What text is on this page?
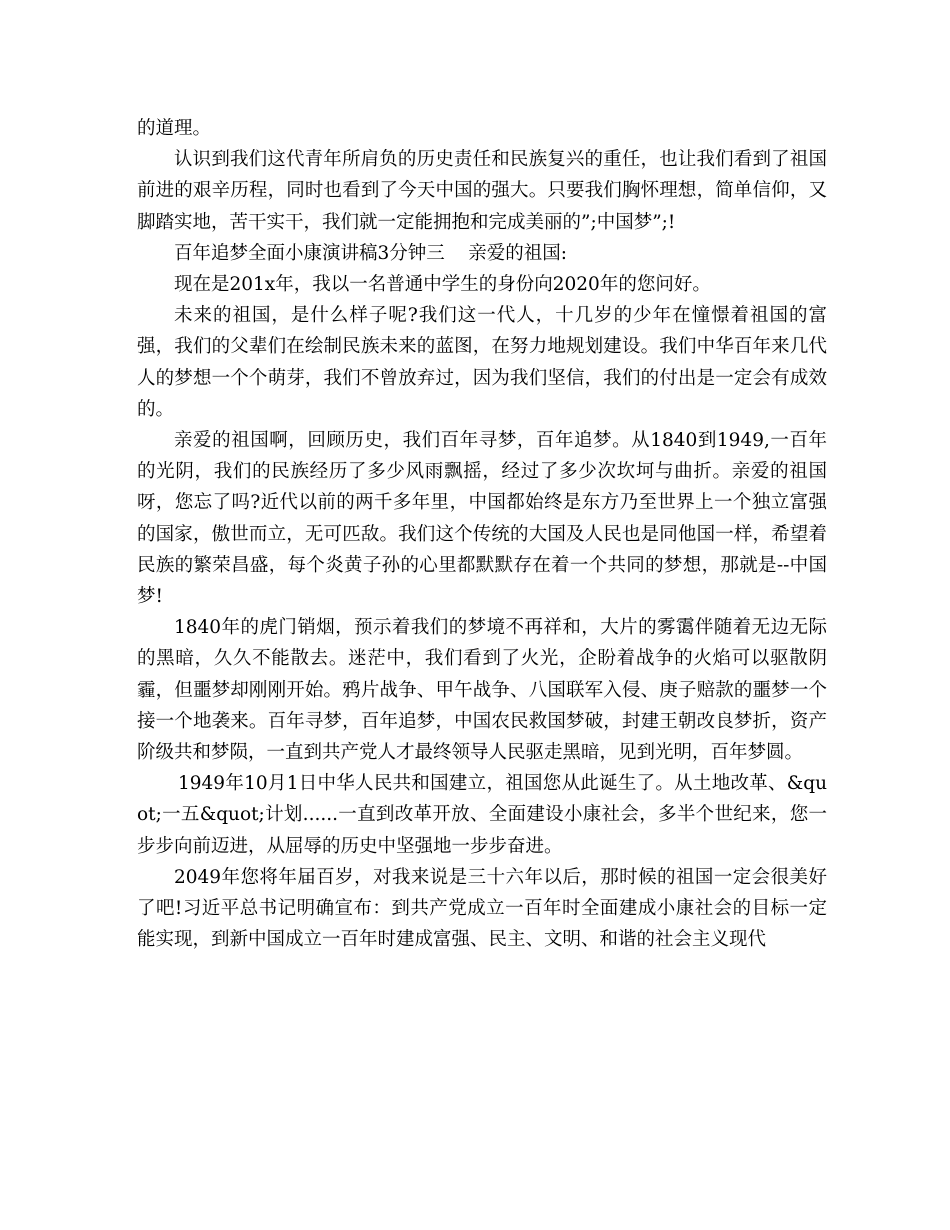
的道理。

认识到我们这代青年所肩负的历史责任和民族复兴的重任，也让我们看到了祖国前进的艰辛历程，同时也看到了今天中国的强大。只要我们胸怀理想，简单信仰，又脚踏实地，苦干实干，我们就一定能拥抱和完成美丽的”;中国梦”;!

百年追梦全面小康演讲稿3分钟三    亲爱的祖国:

现在是201x年，我以一名普通中学生的身份向2020年的您问好。

未来的祖国，是什么样子呢?我们这一代人，十几岁的少年在憧憬着祖国的富强，我们的父辈们在绘制民族未来的蓝图，在努力地规划建设。我们中华百年来几代人的梦想一个个萌芽，我们不曾放弃过，因为我们坚信，我们的付出是一定会有成效的。

亲爱的祖国啊，回顾历史，我们百年寻梦，百年追梦。从1840到1949,一百年的光阴，我们的民族经历了多少风雨飘摇，经过了多少次坎坷与曲折。亲爱的祖国呀，您忘了吗?近代以前的两千多年里，中国都始终是东方乃至世界上一个独立富强的国家，傲世而立，无可匹敌。我们这个传统的大国及人民也是同他国一样，希望着民族的繁荣昌盛，每个炎黄子孙的心里都默默存在着一个共同的梦想，那就是--中国梦!

1840年的虎门销烟，预示着我们的梦境不再祥和，大片的雾霭伴随着无边无际的黑暗，久久不能散去。迷茫中，我们看到了火光，企盼着战争的火焰可以驱散阴霾，但噩梦却刚刚开始。鸦片战争、甲午战争、八国联军入侵、庚子赔款的噩梦一个接一个地袭来。百年寻梦，百年追梦，中国农民救国梦破，封建王朝改良梦折，资产阶级共和梦陨，一直到共产党人才最终领导人民驱走黑暗，见到光明，百年梦圆。

1949年10月1日中华人民共和国建立，祖国您从此诞生了。从土地改革、&quot;一五&quot;计划......一直到改革开放、全面建设小康社会，多半个世纪来，您一步步向前迈进，从屈辱的历史中坚强地一步步奋进。

2049年您将年届百岁，对我来说是三十六年以后，那时候的祖国一定会很美好了吧!习近平总书记明确宣布：到共产党成立一百年时全面建成小康社会的目标一定能实现，到新中国成立一百年时建成富强、民主、文明、和谐的社会主义现代
